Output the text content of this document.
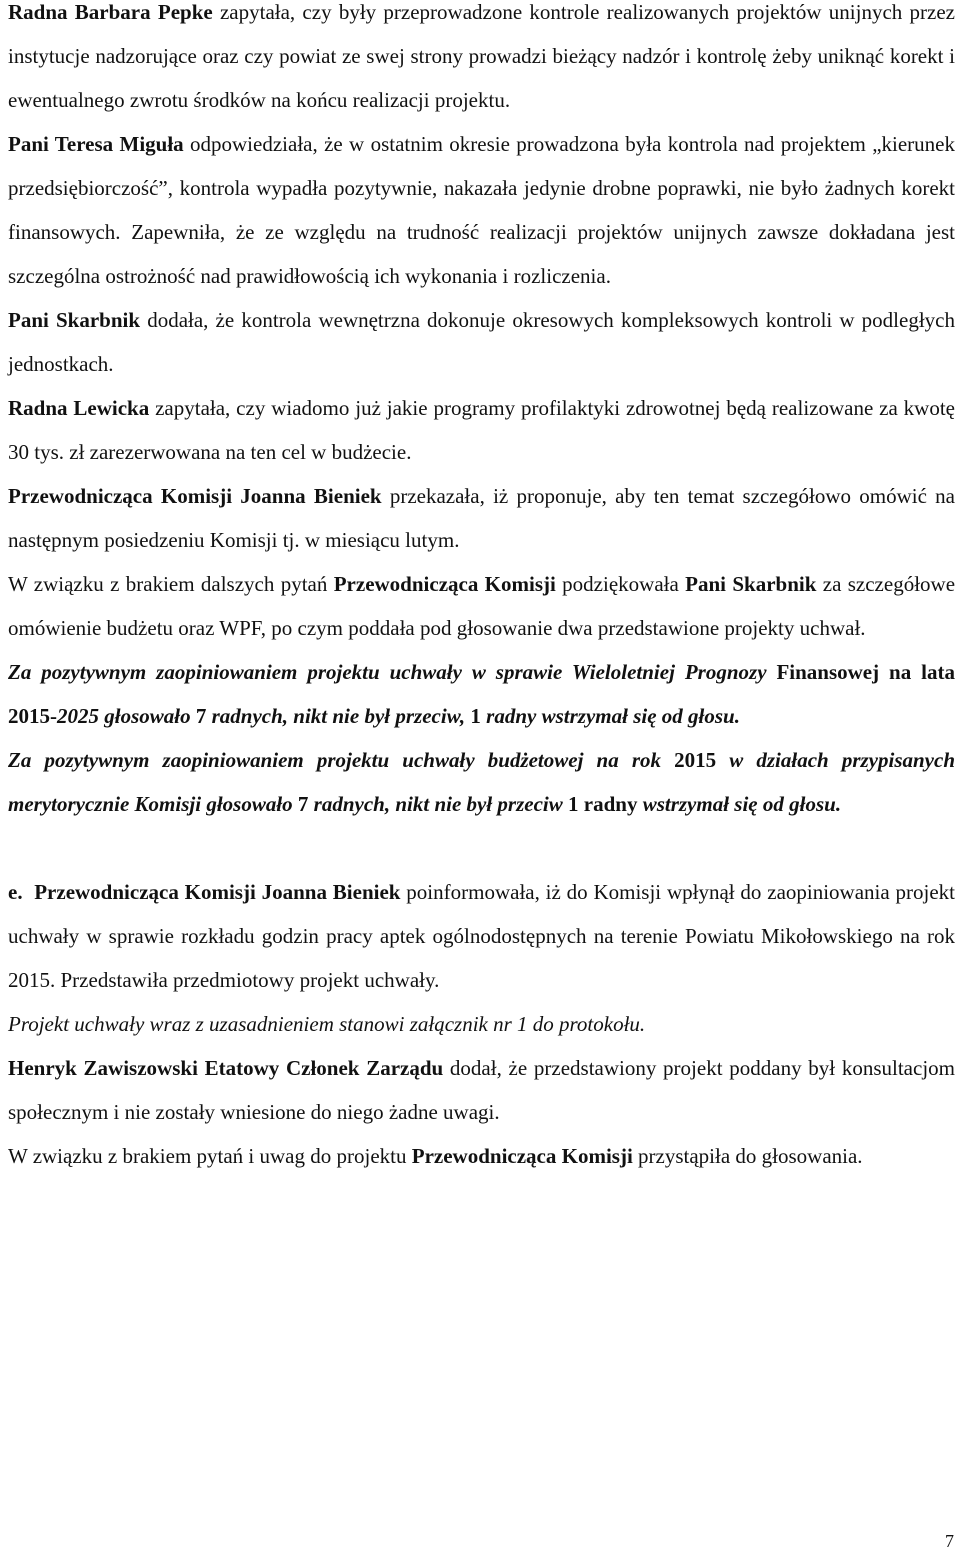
Radna Barbara Pepke zapytała, czy były przeprowadzone kontrole realizowanych projektów unijnych przez instytucje nadzorujące oraz czy powiat ze swej strony prowadzi bieżący nadzór i kontrolę żeby uniknąć korekt i ewentualnego zwrotu środków na końcu realizacji projektu.

Pani Teresa Miguła odpowiedziała, że w ostatnim okresie prowadzona była kontrola nad projektem „kierunek przedsiębiorczość”, kontrola wypadła pozytywnie, nakazała jedynie drobne poprawki, nie było żadnych korekt finansowych. Zapewniła, że ze względu na trudność realizacji projektów unijnych zawsze dokładana jest szczególna ostrożność nad prawidłowością ich wykonania i rozliczenia.

Pani Skarbnik dodała, że kontrola wewnętrzna dokonuje okresowych kompleksowych kontroli w podległych jednostkach.

Radna Lewicka zapytała, czy wiadomo już jakie programy profilaktyki zdrowotnej będą realizowane za kwotę 30 tys. zł zarezerwowana na ten cel w budżecie.

Przewodnicząca Komisji Joanna Bieniek przekazała, iż proponuje, aby ten temat szczegółowo omówić na następnym posiedzeniu Komisji tj. w miesiącu lutym.

W związku z brakiem dalszych pytań Przewodnicząca Komisji podziękowała Pani Skarbnik za szczegółowe omówienie budżetu oraz WPF, po czym poddała pod głosowanie dwa przedstawione projekty uchwał.

Za pozytywnym zaopiniowaniem projektu uchwały w sprawie Wieloletniej Prognozy Finansowej na lata 2015-2025 głosowało 7 radnych, nikt nie był przeciw, 1 radny wstrzymał się od głosu.

Za pozytywnym zaopiniowaniem projektu uchwały budżetowej na rok 2015 w działach przypisanych merytorycznie Komisji głosowało 7 radnych, nikt nie był przeciw 1 radny wstrzymał się od głosu.

e. Przewodnicząca Komisji Joanna Bieniek poinformowała, iż do Komisji wpłynął do zaopiniowania projekt uchwały w sprawie rozkładu godzin pracy aptek ogólnodostępnych na terenie Powiatu Mikołowskiego na rok 2015. Przedstawiła przedmiotowy projekt uchwały.

Projekt uchwały wraz z uzasadnieniem stanowi załącznik nr 1 do protokołu.

Henryk Zawiszowski Etatowy Członek Zarządu dodał, że przedstawiony projekt poddany był konsultacjom społecznym i nie zostały wniesione do niego żadne uwagi.

W związku z brakiem pytań i uwag do projektu Przewodnicząca Komisji przystąpiła do głosowania.

7
